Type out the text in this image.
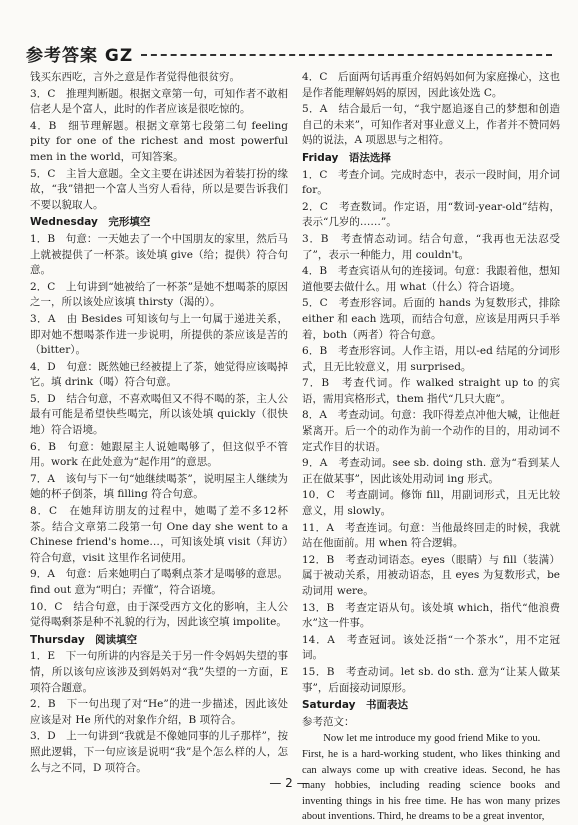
参考答案 GZ
钱买东西吃，言外之意是作者觉得他很贫穷。
3．C　推理判断题。根据文章第一句，可知作者不敢相信老人是个富人，此时的作者应该是很吃惊的。
4．B　细节理解题。根据文章第七段第二句 feeling pity for one of the richest and most powerful men in the world，可知答案。
5．C　主旨大意题。全文主要在讲述因为着装打扮的缘故，“我”错把一个富人当穷人看待，所以是要告诉我们不要以貌取人。
Wednesday　完形填空
1．B　句意：一天她去了一个中国朋友的家里，然后马上就被提供了一杯茶。该处填 give（给；提供）符合句意。
2．C　上句讲到“她被给了一杯茶”是她不想喝茶的原因之一，所以该处应该填 thirsty（渴的）。
3．A　由 Besides 可知该句与上一句属于递进关系，即对她不想喝茶作进一步说明，所提供的茶应该是苦的（bitter）。
4．D　句意：既然她已经被提上了茶，她觉得应该喝掉它。填 drink（喝）符合句意。
5．D　结合句意，不喜欢喝但又不得不喝的茶，主人公最有可能是希望快些喝完，所以该处填 quickly（很快地）符合语境。
6．B　句意：她跟屋主人说她喝够了，但这似乎不管用。work 在此处意为“起作用”的意思。
7．A　该句与下一句“她继续喝茶”，说明屋主人继续为她的杯子倒茶，填 filling 符合句意。
8．C　在她拜访朋友的过程中，她喝了差不多12杯茶。结合文章第二段第一句 One day she went to a Chinese friend's home…，可知该处填 visit（拜访）符合句意，visit 这里作名词使用。
9．A　句意：后来她明白了喝剩点茶才是喝够的意思。find out 意为“明白；弄懂”，符合语境。
10．C　结合句意，由于深受西方文化的影响，主人公觉得喝剩茶是种不礼貌的行为，因此该空填 impolite。
Thursday　阅读填空
1．E　下一句所讲的内容是关于另一件令妈妈失望的事情，所以该句应该涉及到妈妈对“我”失望的一方面，E 项符合题意。
2．B　下一句出现了对“He”的进一步描述，因此该处应该是对 He 所代的对象作介绍，B 项符合。
3．D　上一句讲到“我就是不像她同事的儿子那样”，按照此逻辑，下一句应该是说明“我”是个怎么样的人，怎么与之不同，D 项符合。
4．C　后面两句话再重介绍妈妈如何为家庭操心，这也是作者能理解妈妈的原因，因此该处选 C。
5．A　结合最后一句，“我宁愿追逐自己的梦想和创造自己的未来”，可知作者对事业意义上，作者并不赞同妈妈的说法，A 项恩思与之相符。
Friday　语法选择
1．C　考查介词。完成时态中，表示一段时间，用介词 for。
2．C　考查数词。作定语，用“数词-year-old”结构，表示“几岁的……”。
3．B　考查情态动词。结合句意，“我再也无法忍受了”，表示一种能力，用 couldn't。
4．B　考查宾语从句的连接词。句意：我跟着他，想知道他要去做什么。用 what（什么）符合语境。
5．C　考查形容词。后面的 hands 为复数形式，排除 either 和 each 选项，而结合句意，应该是用两只手举着，both（两者）符合句意。
6．B　考查形容词。人作主语，用以-ed 结尾的分词形式，且无比较意义，用 surprised。
7．B　考查代词。作 walked straight up to 的宾语，需用宾格形式，them 指代“几只大鹿”。
8．A　考查动词。句意：我吓得差点冲他大喊，让他赶紧离开。后一个的动作为前一个动作的目的，用动词不定式作目的状语。
9．A　考查动词。see sb. doing sth. 意为“看到某人正在做某事”，因此该处用动词 ing 形式。
10．C　考查副词。修饰 fill，用副词形式，且无比较意义，用 slowly。
11．A　考查连词。句意：当他最终回走的时候，我就站在他面前。用 when 符合逻辑。
12．B　考查动词语态。eyes（眼睛）与 fill（装满）属于被动关系，用被动语态，且 eyes 为复数形式，be 动词用 were。
13．B　考查定语从句。该处填 which，指代“他浪费水”这一件事。
14．A　考查冠词。该处泛指“一个茶水”，用不定冠词。
15．B　考查动词。let sb. do sth. 意为“让某人做某事”，后面接动词原形。
Saturday　书面表达
参考范文：

Now let me introduce my good friend Mike to you.

First, he is a hard-working student, who likes thinking and can always come up with creative ideas. Second, he has many hobbies, including reading science books and inventing things in his free time. He has won many prizes about inventions. Third, he dreams to be a great inventor,

— 2 —
